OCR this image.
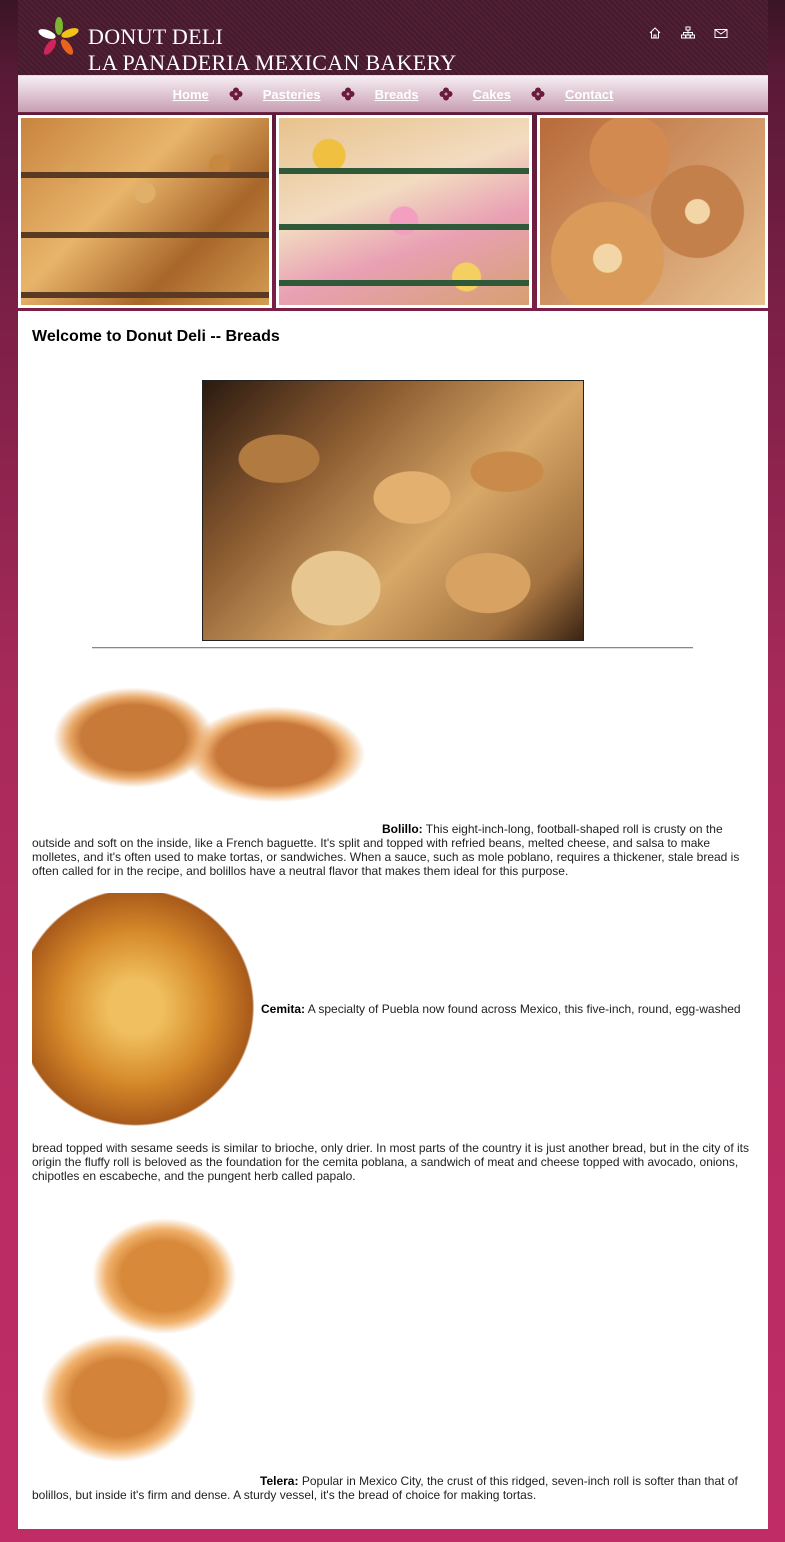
DONUT DELI
LA PANADERIA MEXICAN BAKERY
Home	Pasteries	Breads	Cakes	Contact
Welcome to Donut Deli -- Breads

Bolillo: This eight-inch-long, football-shaped roll is crusty on the

outside and soft on the inside, like a French baguette. It's split and topped with refried beans, melted cheese, and salsa to make molletes, and it's often used to make tortas, or sandwiches. When a sauce, such as mole poblano, requires a thickener, stale bread is often called for in the recipe, and bolillos have a neutral flavor that makes them ideal for this purpose.

Cemita: A specialty of Puebla now found across Mexico, this five-inch, round, egg-washed

bread topped with sesame seeds is similar to brioche, only drier. In most parts of the country it is just another bread, but in the city of its origin the fluffy roll is beloved as the foundation for the cemita poblana, a sandwich of meat and cheese topped with avocado, onions, chipotles en escabeche, and the pungent herb called papalo.

Telera: Popular in Mexico City, the crust of this ridged, seven-inch roll is softer than that of

bolillos, but inside it's firm and dense. A sturdy vessel, it's the bread of choice for making tortas.
